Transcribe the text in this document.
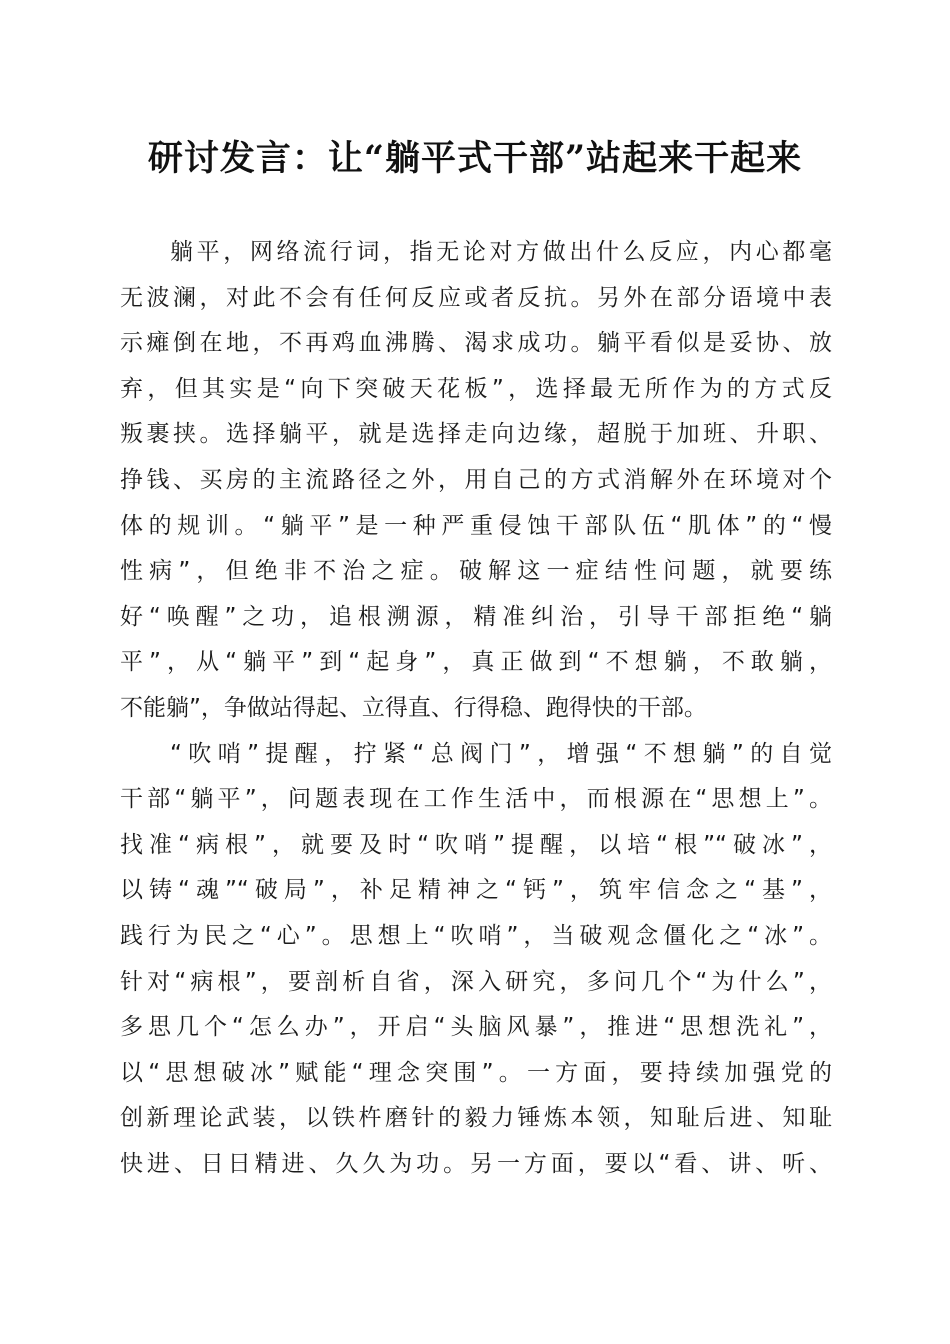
研讨发言：让“躺平式干部”站起来干起来
躺平，网络流行词，指无论对方做出什么反应，内心都毫
无波澜，对此不会有任何反应或者反抗。另外在部分语境中表
示瘫倒在地，不再鸡血沸腾、渴求成功。躺平看似是妥协、放
弃，但其实是“向下突破天花板”，选择最无所作为的方式反
叛裹挟。选择躺平，就是选择走向边缘，超脱于加班、升职、
挣钱、买房的主流路径之外，用自己的方式消解外在环境对个
体的规训。“躺平”是一种严重侵蚀干部队伍“肌体”的“慢
性病”，但绝非不治之症。破解这一症结性问题，就要练
好“唤醒”之功，追根溯源，精准纠治，引导干部拒绝“躺
平”，从“躺平”到“起身”，真正做到“不想躺，不敢躺，
不能躺”，争做站得起、立得直、行得稳、跑得快的干部。
“吹哨”提醒，拧紧“总阀门”，增强“不想躺”的自觉
干部“躺平”，问题表现在工作生活中，而根源在“思想上”。
找准“病根”，就要及时“吹哨”提醒，以培“根”“破冰”，
以铸“魂”“破局”，补足精神之“钙”，筑牢信念之“基”，
践行为民之“心”。思想上“吹哨”，当破观念僵化之“冰”。
针对“病根”，要剖析自省，深入研究，多问几个“为什么”，
多思几个“怎么办”，开启“头脑风暴”，推进“思想洗礼”，
以“思想破冰”赋能“理念突围”。一方面，要持续加强党的
创新理论武装，以铁杵磨针的毅力锤炼本领，知耻后进、知耻
快进、日日精进、久久为功。另一方面，要以“看、讲、听、
